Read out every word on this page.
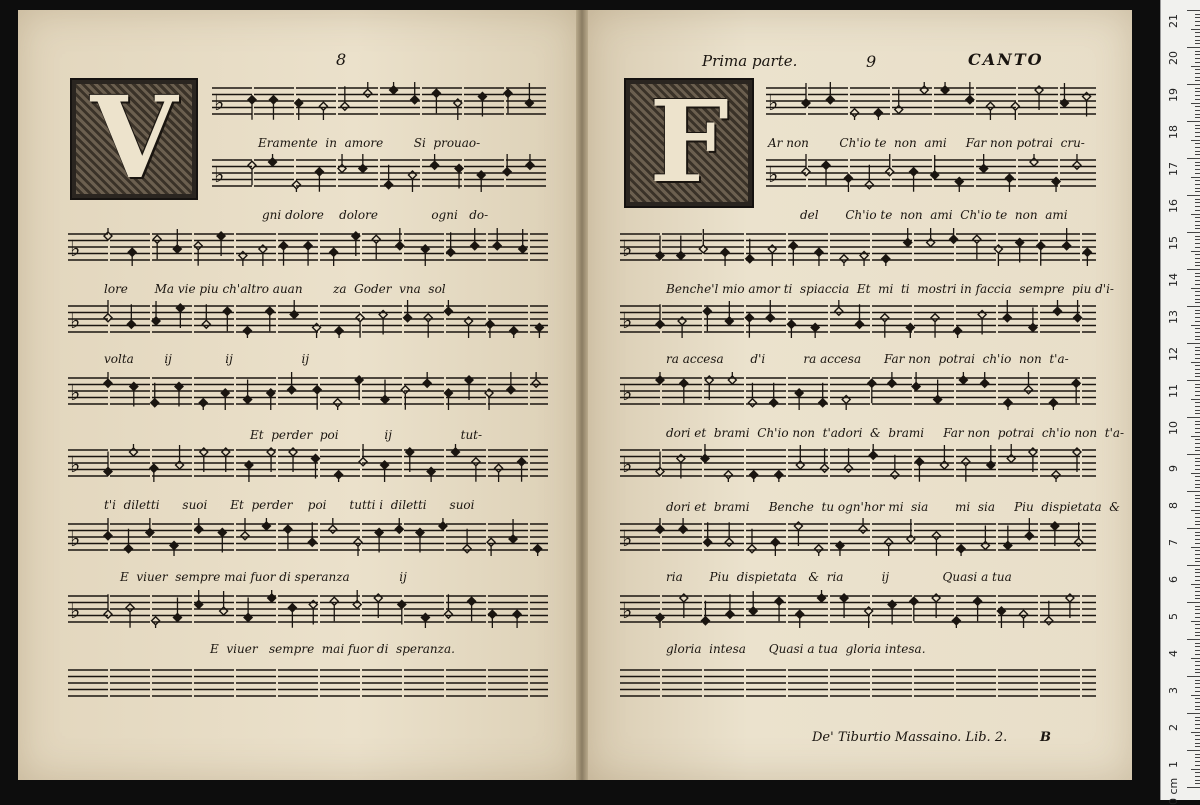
8
V
Prima parte.	9	CANTO
F
♭
Eramente  in  amore        Si  prouao-
♭
gni dolore    dolore              ogni   do-
♭
lore       Ma vie piu ch'altro auan        za  Goder  vna  sol
♭
volta        ij              ij                  ij
♭
Et  perder  poi            ij                  tut-
♭
t'i  diletti      suoi      Et  perder    poi      tutti i  diletti      suoi
♭
E  viuer  sempre mai fuor di speranza             ij
♭
E  viuer   sempre  mai fuor di  speranza.
♭
Ar non        Ch'io te  non  ami     Far non potrai  cru-
♭
del       Ch'io te  non  ami  Ch'io te  non  ami
♭
Benche'l mio amor ti  spiaccia  Et  mi  ti  mostri in faccia  sempre  piu d'i-
♭
ra accesa       d'i          ra accesa      Far non  potrai  ch'io  non  t'a-
♭
dori et  brami  Ch'io non  t'adori  &  brami     Far non  potrai  ch'io non  t'a-
♭
dori et  brami     Benche  tu ogn'hor mi  sia       mi  sia     Piu  dispietata  &
♭
ria       Piu  dispietata   &  ria          ij              Quasi a tua
♭
gloria  intesa      Quasi a tua  gloria intesa.
De' Tiburtio Massaino. Lib. 2.	B
21
20
19
18
17
16
15
14
13
12
11
10
9
8
7
6
5
4
3
2
1
0 cm
